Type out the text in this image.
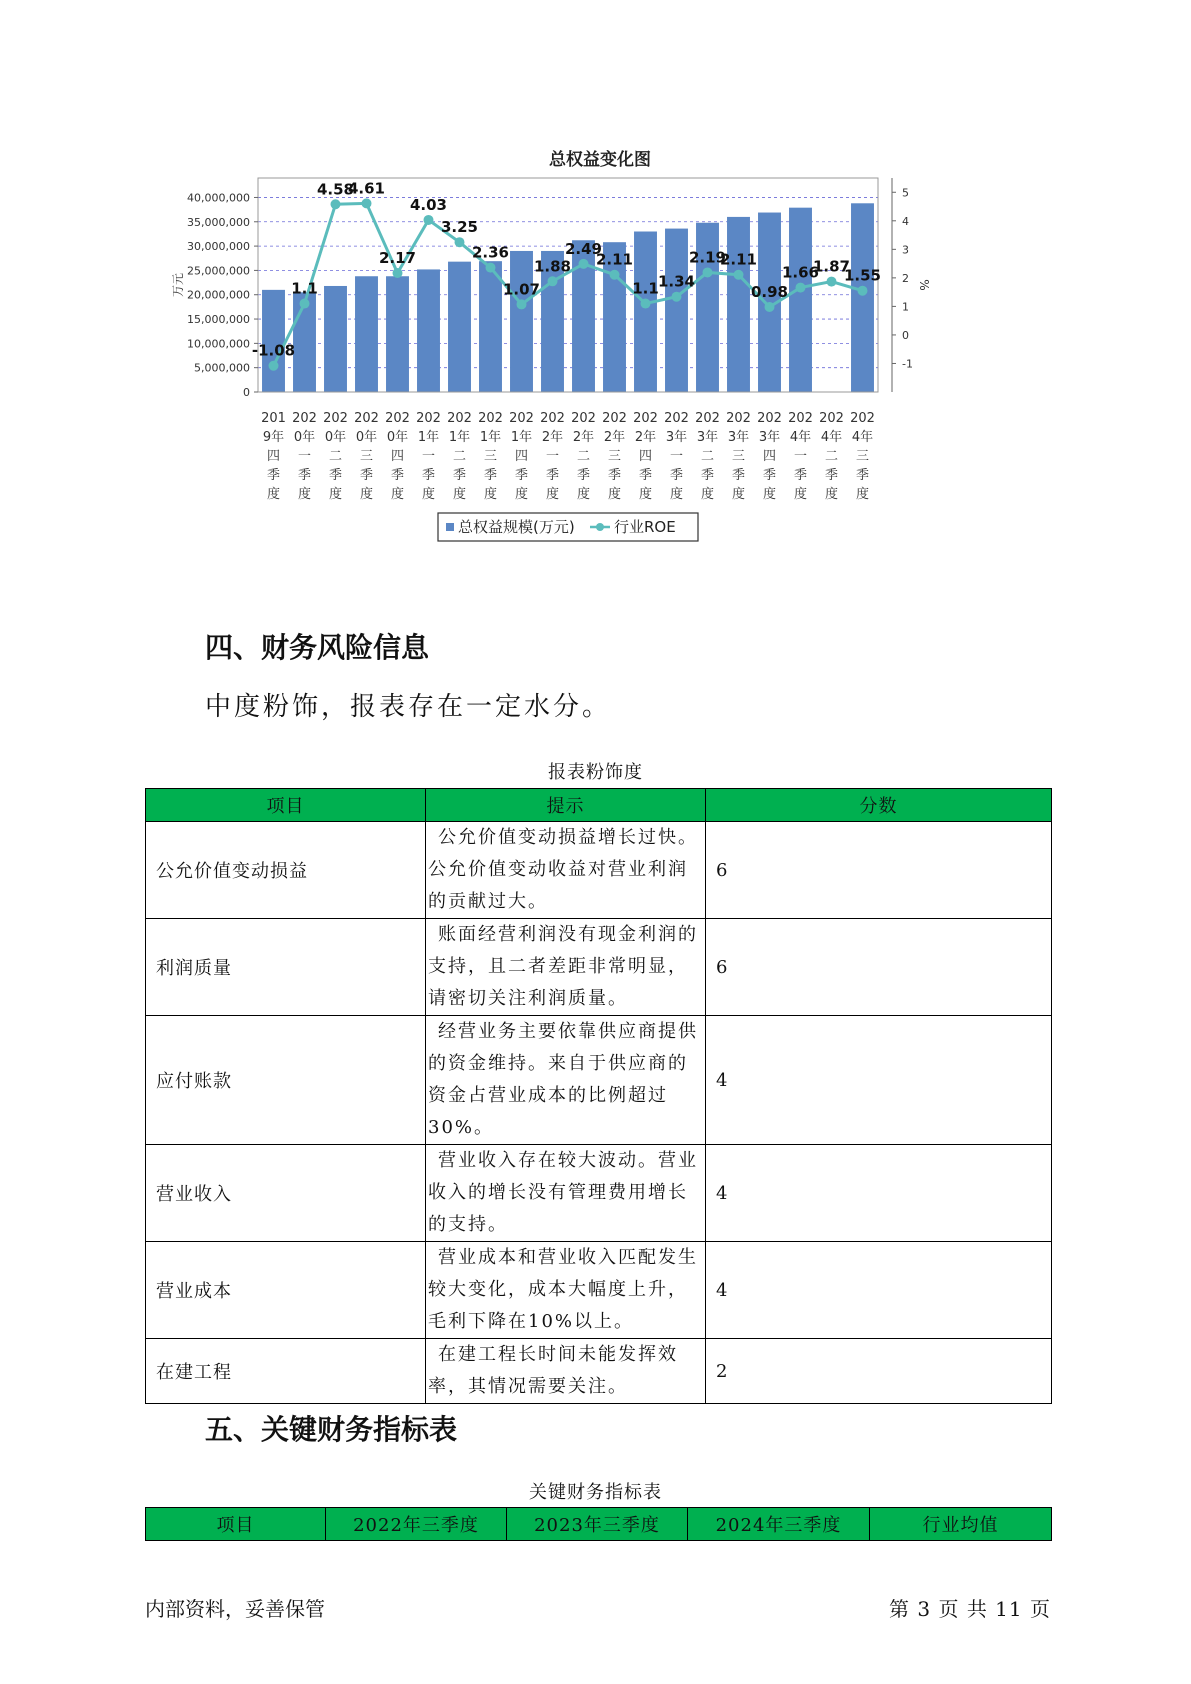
总权益变化图
0
5,000,000
10,000,000
15,000,000
20,000,000
25,000,000
30,000,000
35,000,000
40,000,000
-1
0
1
2
3
4
5
万元	%
201
9年
四
季
度
202
0年
一
季
度
202
0年
二
季
度
202
0年
三
季
度
202
0年
四
季
度
202
1年
一
季
度
202
1年
二
季
度
202
1年
三
季
度
202
1年
四
季
度
202
2年
一
季
度
202
2年
二
季
度
202
2年
三
季
度
202
2年
四
季
度
202
3年
一
季
度
202
3年
二
季
度
202
3年
三
季
度
202
3年
四
季
度
202
4年
一
季
度
202
4年
二
季
度
202
4年
三
季
度
-1.08
1.1
4.58
4.61
2.17
4.03
3.25
2.36
1.07
1.88
2.49
2.11
1.1 1.34
2.19
2.11
0.98
1.66
1.87
1.55
总权益规模(万元)	行业ROE
四、财务风险信息
中度粉饰，报表存在一定水分。
报表粉饰度
项目	提示	分数
公允价值变动损益	公允价值变动损益增长过快。公允价值变动收益对营业利润的贡献过大。	6
利润质量	账面经营利润没有现金利润的支持，且二者差距非常明显，请密切关注利润质量。	6
应付账款	经营业务主要依靠供应商提供的资金维持。来自于供应商的资金占营业成本的比例超过30%。	4
营业收入	营业收入存在较大波动。营业收入的增长没有管理费用增长的支持。	4
营业成本	营业成本和营业收入匹配发生较大变化，成本大幅度上升，毛利下降在10%以上。	4
在建工程	在建工程长时间未能发挥效率，其情况需要关注。	2
五、关键财务指标表
关键财务指标表
项目	2022年三季度	2023年三季度	2024年三季度	行业均值
内部资料，妥善保管	第 3 页 共 11 页
